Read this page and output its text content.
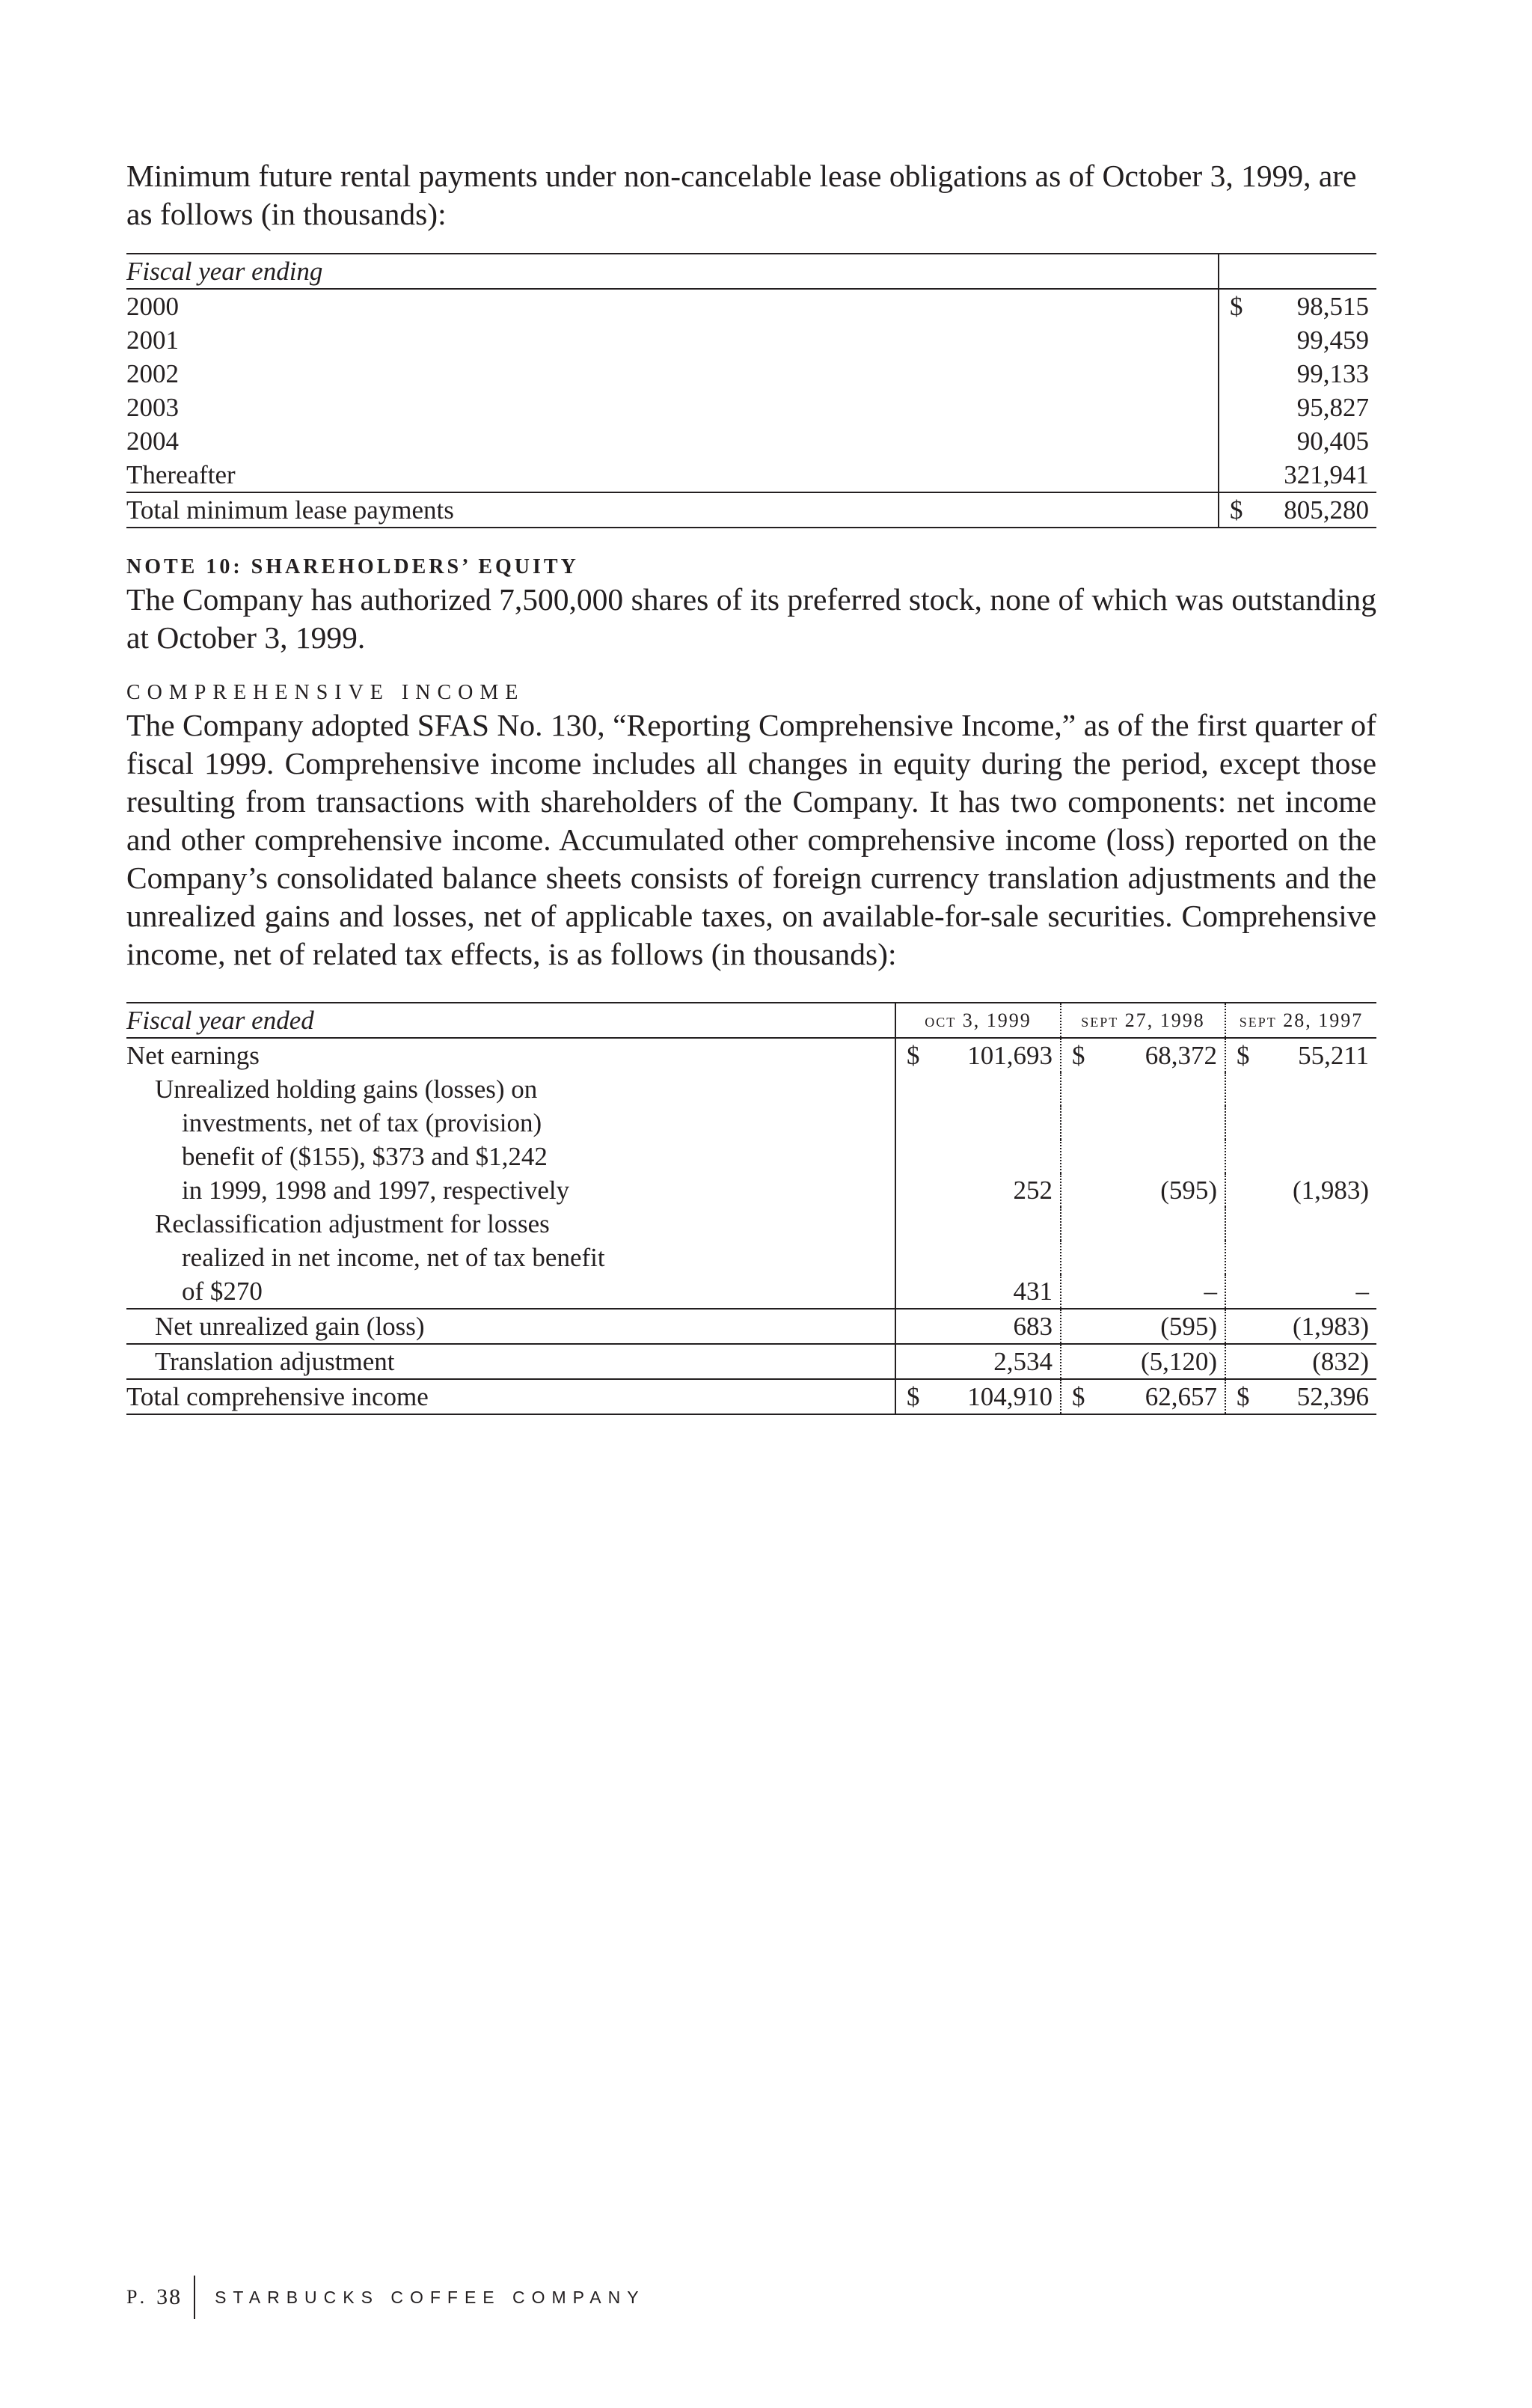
Minimum future rental payments under non-cancelable lease obligations as of October 3, 1999, are as follows (in thousands):

Fiscal year ending		
2000	$	98,515
2001		99,459
2002		99,133
2003		95,827
2004		90,405
Thereafter		321,941
Total minimum lease payments	$	805,280
NOTE 10: SHAREHOLDERS’ EQUITY

The Company has authorized 7,500,000 shares of its preferred stock, none of which was outstanding at October 3, 1999.

COMPREHENSIVE INCOME

The Company adopted SFAS No. 130, “Reporting Comprehensive Income,” as of the first quarter of fiscal 1999. Comprehensive income includes all changes in equity during the period, except those resulting from transactions with shareholders of the Company. It has two components: net income and other comprehensive income. Accumulated other comprehensive income (loss) reported on the Company’s consolidated balance sheets consists of foreign currency translation adjustments and the unrealized gains and losses, net of applicable taxes, on available-for-sale securities. Comprehensive income, net of related tax effects, is as follows (in thousands):

Fiscal year ended	oct 3, 1999		sept 27, 1998		sept 28, 1997	
Net earnings	$	101,693	$	68,372	$	55,211
Unrealized holding gains (losses) on						
investments, net of tax (provision)						
benefit of ($155), $373 and $1,242						
in 1999, 1998 and 1997, respectively		252		(595)		(1,983)
Reclassification adjustment for losses						
realized in net income, net of tax benefit						
of $270		431		–		–
Net unrealized gain (loss)		683		(595)		(1,983)
Translation adjustment		2,534		(5,120)		(832)
Total comprehensive income	$	104,910	$	62,657	$	52,396
P. 38 STARBUCKS COFFEE COMPANY
